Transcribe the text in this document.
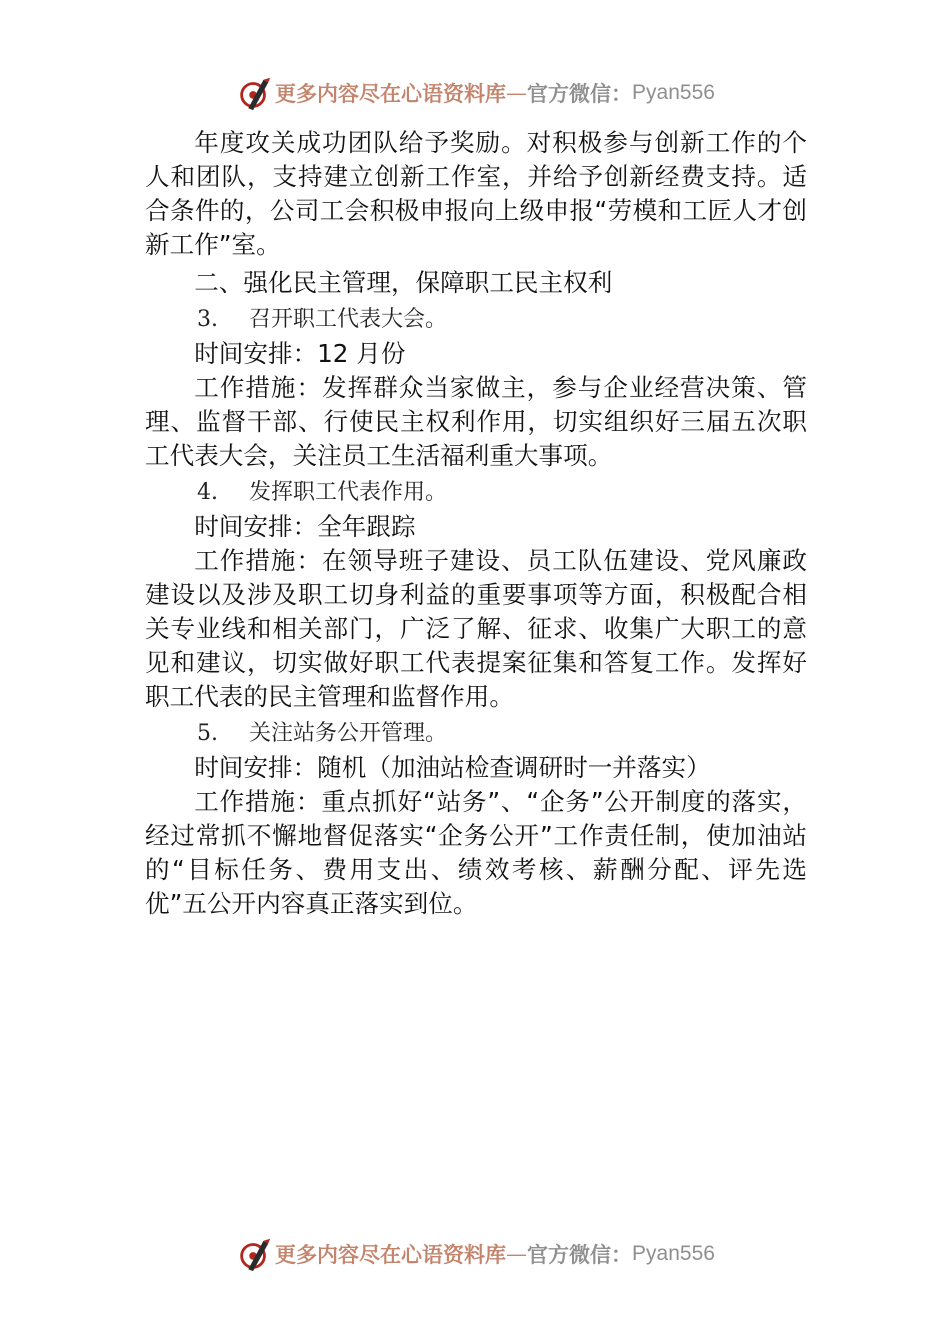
更多内容尽在心语资料库 — 官方微信： Pyan556

年度攻关成功团队给予奖励。对积极参与创新工作的个人和团队，支持建立创新工作室，并给予创新经费支持。适合条件的，公司工会积极申报向上级申报“劳模和工匠人才创新工作”室。

二、强化民主管理，保障职工民主权利

3. 召开职工代表大会。

时间安排：12 月份

工作措施：发挥群众当家做主，参与企业经营决策、管理、监督干部、行使民主权利作用，切实组织好三届五次职工代表大会，关注员工生活福利重大事项。

4. 发挥职工代表作用。

时间安排：全年跟踪

工作措施：在领导班子建设、员工队伍建设、党风廉政建设以及涉及职工切身利益的重要事项等方面，积极配合相关专业线和相关部门，广泛了解、征求、收集广大职工的意见和建议，切实做好职工代表提案征集和答复工作。发挥好职工代表的民主管理和监督作用。

5. 关注站务公开管理。

时间安排：随机（加油站检查调研时一并落实）

工作措施：重点抓好“站务”、“企务”公开制度的落实，经过常抓不懈地督促落实“企务公开”工作责任制，使加油站的“目标任务、费用支出、绩效考核、薪酬分配、评先选优”五公开内容真正落实到位。

更多内容尽在心语资料库 — 官方微信： Pyan556
